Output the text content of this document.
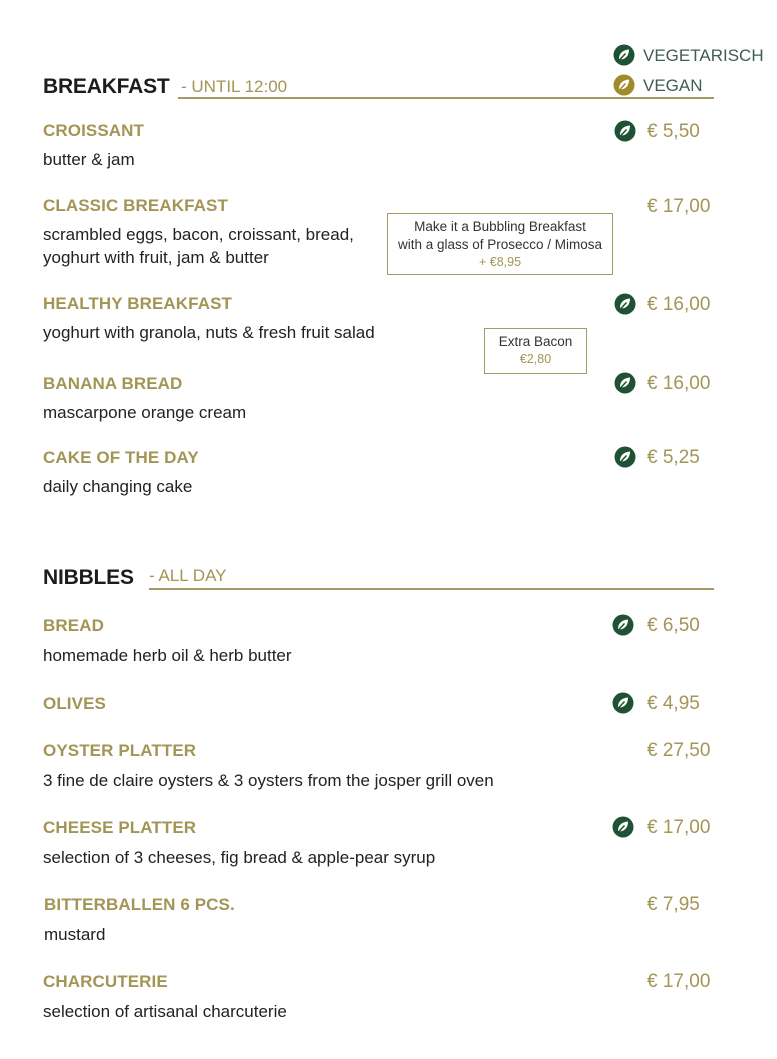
VEGETARISCH
VEGAN
BREAKFAST - UNTIL 12:00
CROISSANT
butter & jam
€ 5,50
CLASSIC BREAKFAST
scrambled eggs, bacon, croissant, bread,
yoghurt with fruit, jam & butter
€ 17,00
Make it a Bubbling Breakfast
with a glass of Prosecco / Mimosa
+ €8,95
HEALTHY BREAKFAST
yoghurt with granola, nuts & fresh fruit salad
€ 16,00
Extra Bacon
€2,80
BANANA BREAD
mascarpone orange cream
€ 16,00
CAKE OF THE DAY
daily changing cake
€ 5,25
NIBBLES - ALL DAY
BREAD
homemade herb oil & herb butter
€ 6,50
OLIVES	€ 4,95
OYSTER PLATTER
3 fine de claire oysters & 3 oysters from the josper grill oven
€ 27,50
CHEESE PLATTER
selection of 3 cheeses, fig bread & apple-pear syrup
€ 17,00
BITTERBALLEN 6 PCS.
mustard
€ 7,95
CHARCUTERIE
selection of artisanal charcuterie
€ 17,00
